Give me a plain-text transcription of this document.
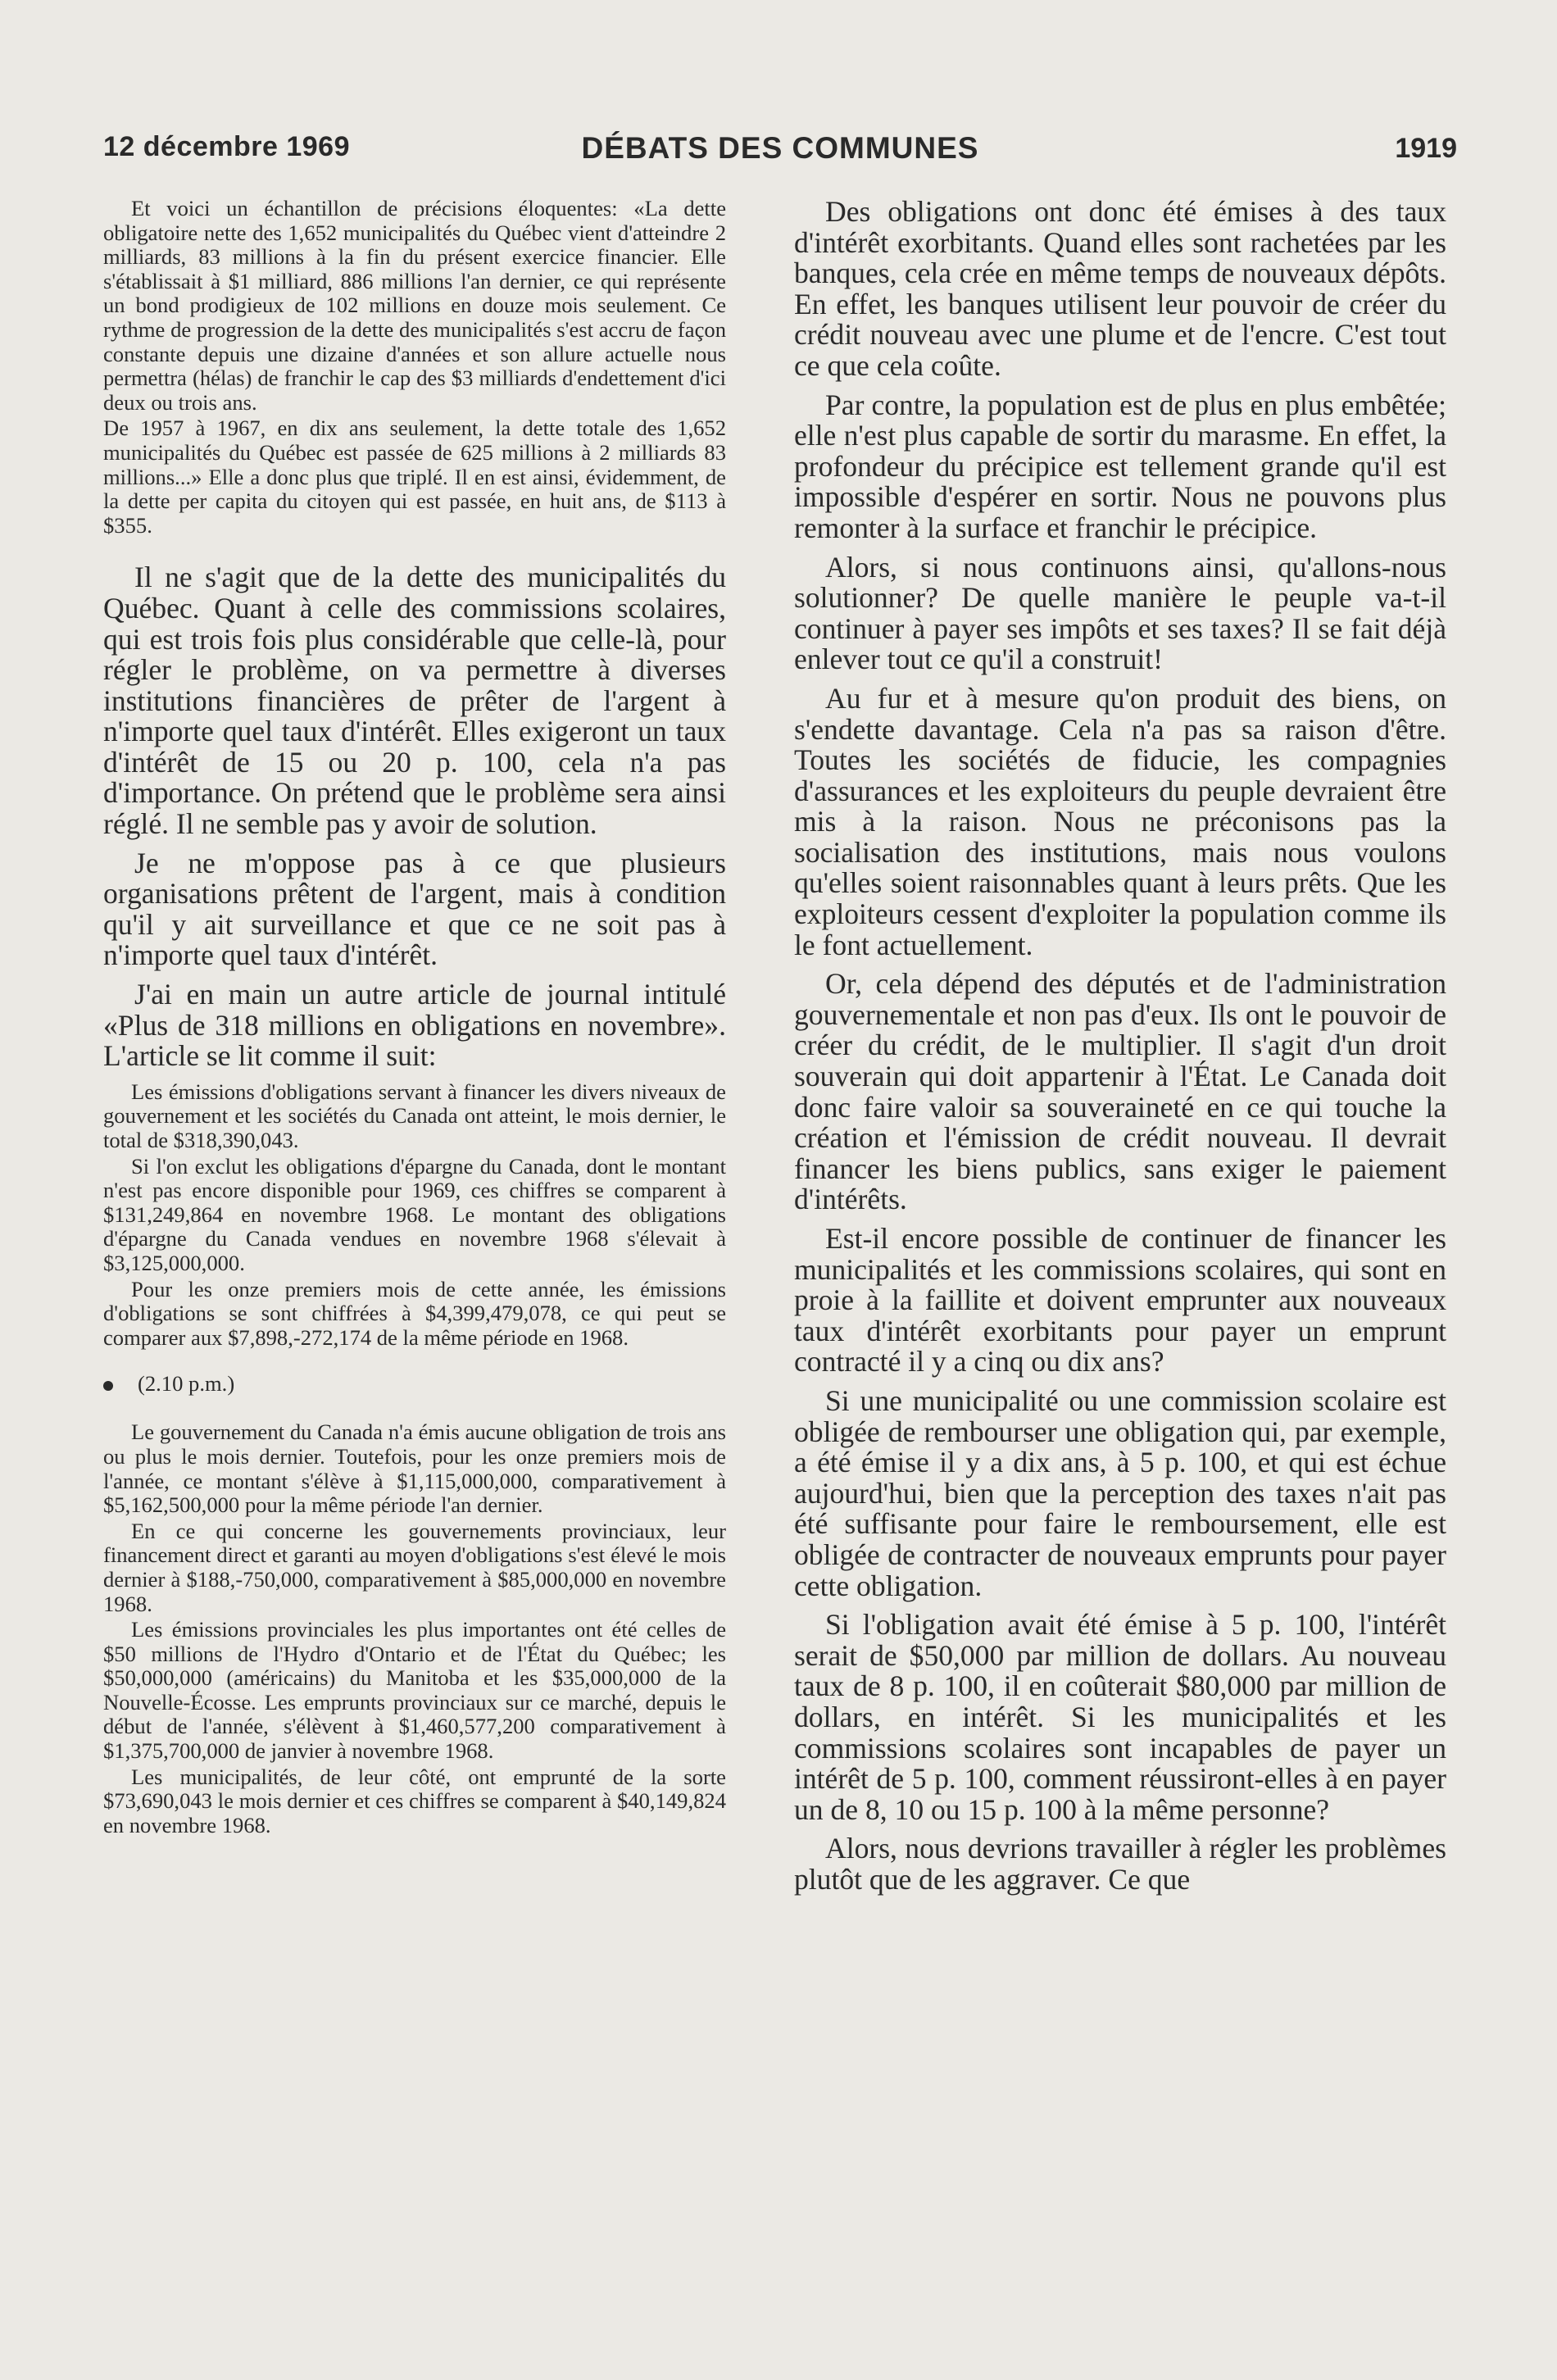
12 décembre 1969	DÉBATS DES COMMUNES	1919

Et voici un échantillon de précisions éloquentes: «La dette obligatoire nette des 1,652 municipalités du Québec vient d'atteindre 2 milliards, 83 millions à la fin du présent exercice financier. Elle s'établissait à $1 milliard, 886 millions l'an dernier, ce qui représente un bond prodigieux de 102 millions en douze mois seulement. Ce rythme de progression de la dette des municipalités s'est accru de façon constante depuis une dizaine d'années et son allure actuelle nous permettra (hélas) de franchir le cap des $3 milliards d'endettement d'ici deux ou trois ans.

De 1957 à 1967, en dix ans seulement, la dette totale des 1,652 municipalités du Québec est passée de 625 millions à 2 milliards 83 millions...» Elle a donc plus que triplé. Il en est ainsi, évidemment, de la dette per capita du citoyen qui est passée, en huit ans, de $113 à $355.

Il ne s'agit que de la dette des municipalités du Québec. Quant à celle des commissions scolaires, qui est trois fois plus considérable que celle-là, pour régler le problème, on va permettre à diverses institutions financières de prêter de l'argent à n'importe quel taux d'intérêt. Elles exigeront un taux d'intérêt de 15 ou 20 p. 100, cela n'a pas d'importance. On prétend que le problème sera ainsi réglé. Il ne semble pas y avoir de solution.

Je ne m'oppose pas à ce que plusieurs organisations prêtent de l'argent, mais à condition qu'il y ait surveillance et que ce ne soit pas à n'importe quel taux d'intérêt.

J'ai en main un autre article de journal intitulé «Plus de 318 millions en obligations en novembre». L'article se lit comme il suit:

Les émissions d'obligations servant à financer les divers niveaux de gouvernement et les sociétés du Canada ont atteint, le mois dernier, le total de $318,390,043.

Si l'on exclut les obligations d'épargne du Canada, dont le montant n'est pas encore disponible pour 1969, ces chiffres se comparent à $131,249,864 en novembre 1968. Le montant des obligations d'épargne du Canada vendues en novembre 1968 s'élevait à $3,125,000,000.

Pour les onze premiers mois de cette année, les émissions d'obligations se sont chiffrées à $4,399,479,078, ce qui peut se comparer aux $7,898,-272,174 de la même période en 1968.

(2.10 p.m.)

Le gouvernement du Canada n'a émis aucune obligation de trois ans ou plus le mois dernier. Toutefois, pour les onze premiers mois de l'année, ce montant s'élève à $1,115,000,000, comparativement à $5,162,500,000 pour la même période l'an dernier.

En ce qui concerne les gouvernements provinciaux, leur financement direct et garanti au moyen d'obligations s'est élevé le mois dernier à $188,-750,000, comparativement à $85,000,000 en novembre 1968.

Les émissions provinciales les plus importantes ont été celles de $50 millions de l'Hydro d'Ontario et de l'État du Québec; les $50,000,000 (américains) du Manitoba et les $35,000,000 de la Nouvelle-Écosse. Les emprunts provinciaux sur ce marché, depuis le début de l'année, s'élèvent à $1,460,577,200 comparativement à $1,375,700,000 de janvier à novembre 1968.

Les municipalités, de leur côté, ont emprunté de la sorte $73,690,043 le mois dernier et ces chiffres se comparent à $40,149,824 en novembre 1968.

Des obligations ont donc été émises à des taux d'intérêt exorbitants. Quand elles sont rachetées par les banques, cela crée en même temps de nouveaux dépôts. En effet, les banques utilisent leur pouvoir de créer du crédit nouveau avec une plume et de l'encre. C'est tout ce que cela coûte.

Par contre, la population est de plus en plus embêtée; elle n'est plus capable de sortir du marasme. En effet, la profondeur du précipice est tellement grande qu'il est impossible d'espérer en sortir. Nous ne pouvons plus remonter à la surface et franchir le précipice.

Alors, si nous continuons ainsi, qu'allons-nous solutionner? De quelle manière le peuple va-t-il continuer à payer ses impôts et ses taxes? Il se fait déjà enlever tout ce qu'il a construit!

Au fur et à mesure qu'on produit des biens, on s'endette davantage. Cela n'a pas sa raison d'être. Toutes les sociétés de fiducie, les compagnies d'assurances et les exploiteurs du peuple devraient être mis à la raison. Nous ne préconisons pas la socialisation des institutions, mais nous voulons qu'elles soient raisonnables quant à leurs prêts. Que les exploiteurs cessent d'exploiter la population comme ils le font actuellement.

Or, cela dépend des députés et de l'administration gouvernementale et non pas d'eux. Ils ont le pouvoir de créer du crédit, de le multiplier. Il s'agit d'un droit souverain qui doit appartenir à l'État. Le Canada doit donc faire valoir sa souveraineté en ce qui touche la création et l'émission de crédit nouveau. Il devrait financer les biens publics, sans exiger le paiement d'intérêts.

Est-il encore possible de continuer de financer les municipalités et les commissions scolaires, qui sont en proie à la faillite et doivent emprunter aux nouveaux taux d'intérêt exorbitants pour payer un emprunt contracté il y a cinq ou dix ans?

Si une municipalité ou une commission scolaire est obligée de rembourser une obligation qui, par exemple, a été émise il y a dix ans, à 5 p. 100, et qui est échue aujourd'hui, bien que la perception des taxes n'ait pas été suffisante pour faire le remboursement, elle est obligée de contracter de nouveaux emprunts pour payer cette obligation.

Si l'obligation avait été émise à 5 p. 100, l'intérêt serait de $50,000 par million de dollars. Au nouveau taux de 8 p. 100, il en coûterait $80,000 par million de dollars, en intérêt. Si les municipalités et les commissions scolaires sont incapables de payer un intérêt de 5 p. 100, comment réussiront-elles à en payer un de 8, 10 ou 15 p. 100 à la même personne?

Alors, nous devrions travailler à régler les problèmes plutôt que de les aggraver. Ce que
